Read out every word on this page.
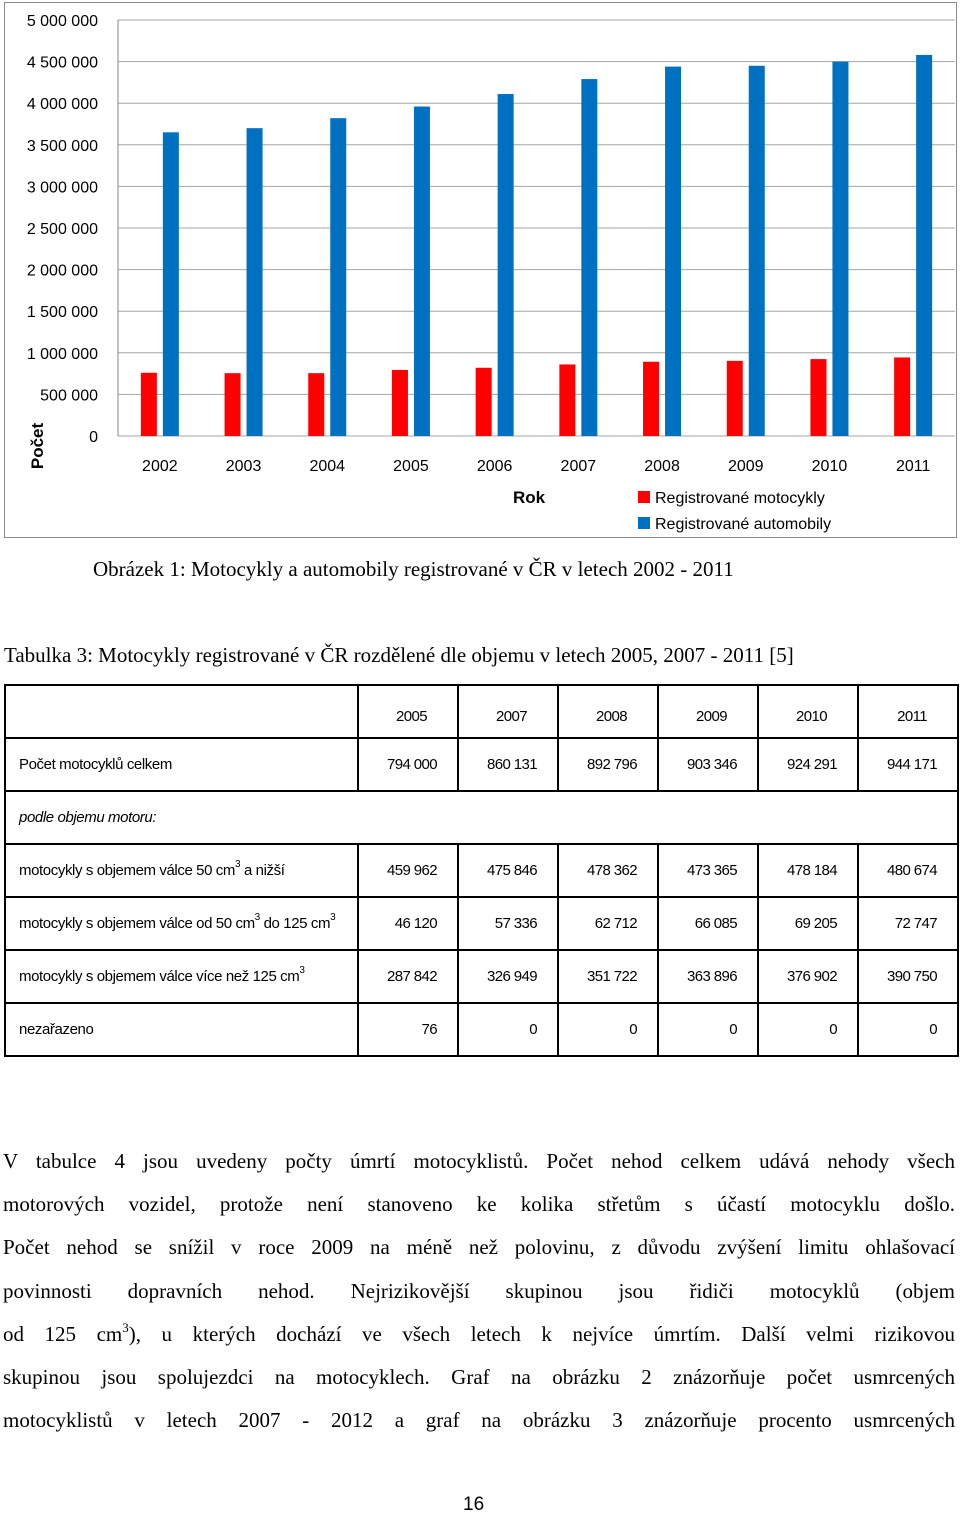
0
500 000
1 000 000
1 500 000
2 000 000
2 500 000
3 000 000
3 500 000
4 000 000
4 500 000
5 000 000
2002	2003	2004	2005	2006	2007	2008	2009	2010	2011
Počet
Rok	Registrované motocykly
Registrované automobily
Obrázek 1: Motocykly a automobily registrované v ČR v letech 2002 - 2011
Tabulka 3: Motocykly registrované v ČR rozdělené dle objemu v letech 2005, 2007 - 2011 [5]
	2005	2007	2008	2009	2010	2011
Počet motocyklů celkem	794 000	860 131	892 796	903 346	924 291	944 171
podle objemu motoru:						
motocykly s objemem válce 50 $cm^3$ a nižší	459 962	475 846	478 362	473 365	478 184	480 674
motocykly s objemem válce od 50 $cm^3$ do 125 $cm^3$	46 120	57 336	62 712	66 085	69 205	72 747
motocykly s objemem válce více než 125 $cm^3$	287 842	326 949	351 722	363 896	376 902	390 750
nezařazeno	76	0	0	0	0	0
V tabulce 4 jsou uvedeny počty úmrtí motocyklistů. Počet nehod celkem udává nehody všech
motorových vozidel, protože není stanoveno ke kolika střetům s účastí motocyklu došlo.
Počet nehod se snížil v roce 2009 na méně než polovinu, z důvodu zvýšení limitu ohlašovací
povinnosti dopravních nehod. Nejrizikovější skupinou jsou řidiči motocyklů (objem
od 125 $cm^3$), u kterých dochází ve všech letech k nejvíce úmrtím. Další velmi rizikovou
skupinou jsou spolujezdci na motocyklech. Graf na obrázku 2 znázorňuje počet usmrcených
motocyklistů v letech 2007 - 2012 a graf na obrázku 3 znázorňuje procento usmrcených
16
